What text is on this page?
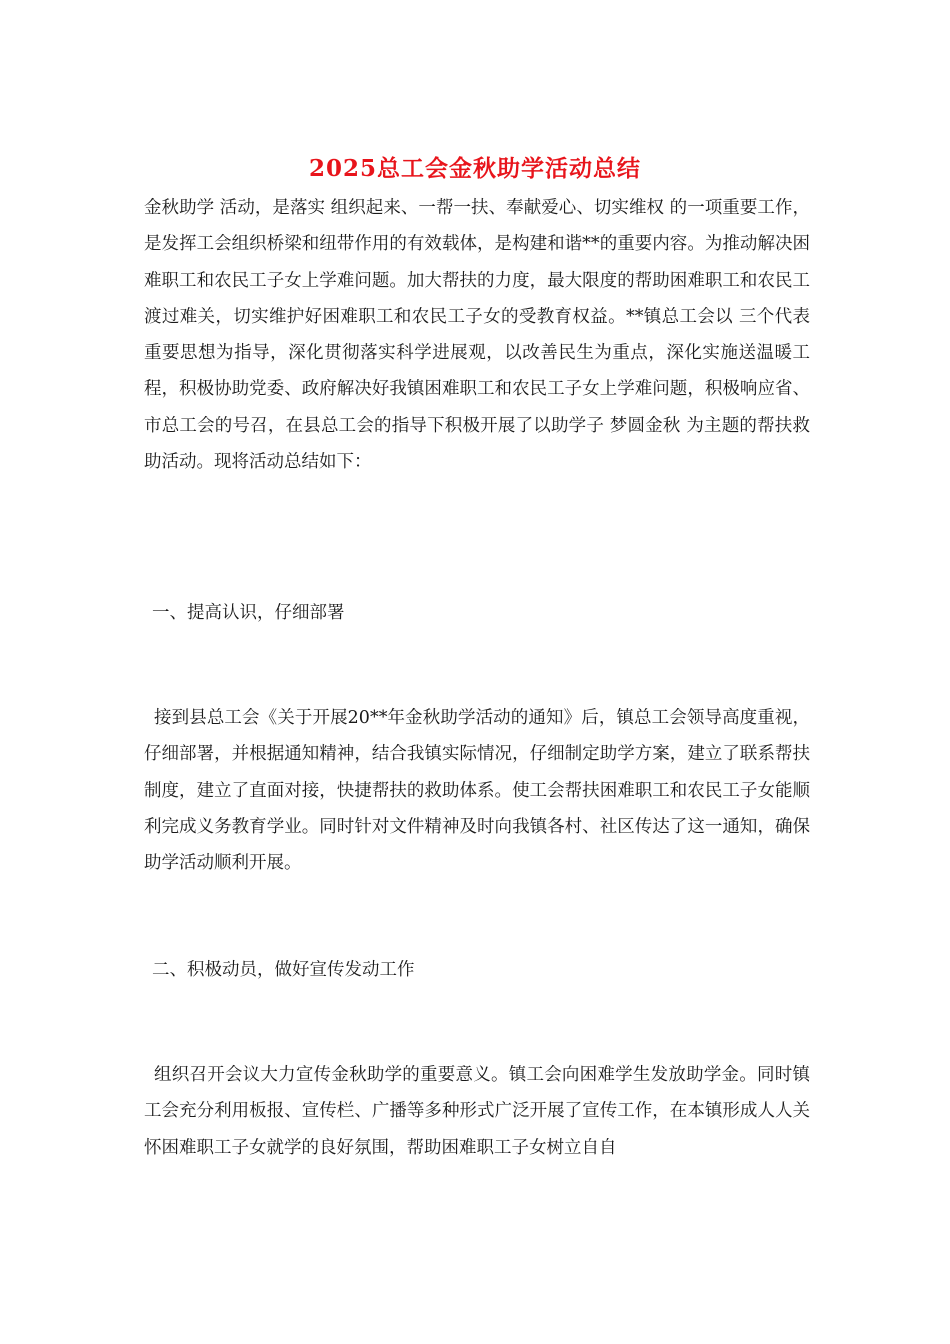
2025总工会金秋助学活动总结

金秋助学 活动，是落实 组织起来、一帮一扶、奉献爱心、切实维权 的一项重要工作，是发挥工会组织桥梁和纽带作用的有效载体，是构建和谐**的重要内容。为推动解决困难职工和农民工子女上学难问题。加大帮扶的力度，最大限度的帮助困难职工和农民工渡过难关，切实维护好困难职工和农民工子女的受教育权益。**镇总工会以 三个代表 重要思想为指导，深化贯彻落实科学进展观，以改善民生为重点，深化实施送温暖工程，积极协助党委、政府解决好我镇困难职工和农民工子女上学难问题，积极响应省、市总工会的号召，在县总工会的指导下积极开展了以助学子 梦圆金秋 为主题的帮扶救助活动。现将活动总结如下：

一、提高认识，仔细部署

接到县总工会《关于开展20**年金秋助学活动的通知》后，镇总工会领导高度重视，仔细部署，并根据通知精神，结合我镇实际情况，仔细制定助学方案，建立了联系帮扶制度，建立了直面对接，快捷帮扶的救助体系。使工会帮扶困难职工和农民工子女能顺利完成义务教育学业。同时针对文件精神及时向我镇各村、社区传达了这一通知，确保助学活动顺利开展。

二、积极动员，做好宣传发动工作

组织召开会议大力宣传金秋助学的重要意义。镇工会向困难学生发放助学金。同时镇工会充分利用板报、宣传栏、广播等多种形式广泛开展了宣传工作，在本镇形成人人关怀困难职工子女就学的良好氛围，帮助困难职工子女树立自自
